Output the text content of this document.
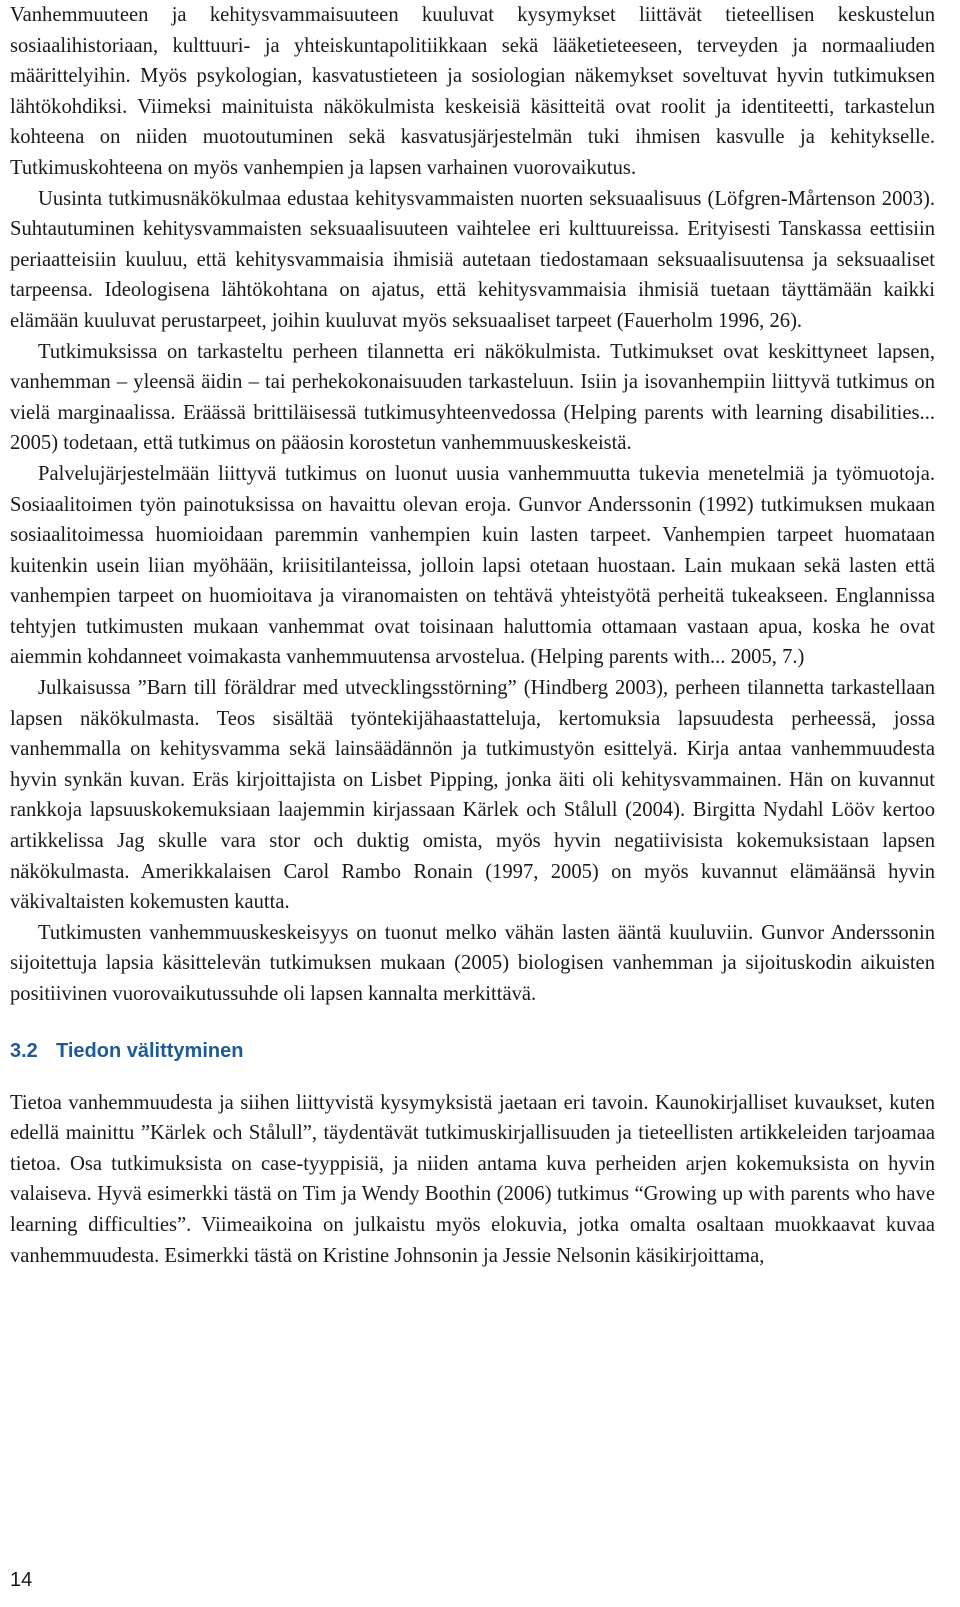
Vanhemmuuteen ja kehitysvammaisuuteen kuuluvat kysymykset liittävät tieteellisen keskustelun sosiaalihistoriaan, kulttuuri- ja yhteiskuntapolitiikkaan sekä lääketieteeseen, terveyden ja normaaliuden määrittelyihin. Myös psykologian, kasvatustieteen ja sosiologian näkemykset soveltuvat hyvin tutkimuksen lähtökohdiksi. Viimeksi mainituista näkökulmista keskeisiä käsitteitä ovat roolit ja identiteetti, tarkastelun kohteena on niiden muotoutuminen sekä kasvatusjärjestelmän tuki ihmisen kasvulle ja kehitykselle. Tutkimuskohteena on myös vanhempien ja lapsen varhainen vuorovaikutus.

Uusinta tutkimusnäkökulmaa edustaa kehitysvammaisten nuorten seksuaalisuus (Löfgren-Mårtenson 2003). Suhtautuminen kehitysvammaisten seksuaalisuuteen vaihtelee eri kulttuureissa. Erityisesti Tanskassa eettisiin periaatteisiin kuuluu, että kehitysvammaisia ihmisiä autetaan tiedostamaan seksuaalisuutensa ja seksuaaliset tarpeensa. Ideologisena lähtökohtana on ajatus, että kehitysvammaisia ihmisiä tuetaan täyttämään kaikki elämään kuuluvat perustarpeet, joihin kuuluvat myös seksuaaliset tarpeet (Fauerholm 1996, 26).

Tutkimuksissa on tarkasteltu perheen tilannetta eri näkökulmista. Tutkimukset ovat keskittyneet lapsen, vanhemman – yleensä äidin – tai perhekokonaisuuden tarkasteluun. Isiin ja isovanhempiin liittyvä tutkimus on vielä marginaalissa. Eräässä brittiläisessä tutkimusyhteenvedossa (Helping parents with learning disabilities... 2005) todetaan, että tutkimus on pääosin korostetun vanhemmuuskeskeistä.

Palvelujärjestelmään liittyvä tutkimus on luonut uusia vanhemmuutta tukevia menetelmiä ja työmuotoja. Sosiaalitoimen työn painotuksissa on havaittu olevan eroja. Gunvor Anderssonin (1992) tutkimuksen mukaan sosiaalitoimessa huomioidaan paremmin vanhempien kuin lasten tarpeet. Vanhempien tarpeet huomataan kuitenkin usein liian myöhään, kriisitilanteissa, jolloin lapsi otetaan huostaan. Lain mukaan sekä lasten että vanhempien tarpeet on huomioitava ja viranomaisten on tehtävä yhteistyötä perheitä tukeakseen. Englannissa tehtyjen tutkimusten mukaan vanhemmat ovat toisinaan haluttomia ottamaan vastaan apua, koska he ovat aiemmin kohdanneet voimakasta vanhemmuutensa arvostelua. (Helping parents with... 2005, 7.)

Julkaisussa ”Barn till föräldrar med utvecklingsstörning” (Hindberg 2003), perheen tilannetta tarkastellaan lapsen näkökulmasta. Teos sisältää työntekijähaastatteluja, kertomuksia lapsuudesta perheessä, jossa vanhemmalla on kehitysvamma sekä lainsäädännön ja tutkimustyön esittelyä. Kirja antaa vanhemmuudesta hyvin synkän kuvan. Eräs kirjoittajista on Lisbet Pipping, jonka äiti oli kehitysvammainen. Hän on kuvannut rankkoja lapsuuskokemuksiaan laajemmin kirjassaan Kärlek och Stålull (2004). Birgitta Nydahl Lööv kertoo artikkelissa Jag skulle vara stor och duktig omista, myös hyvin negatiivisista kokemuksistaan lapsen näkökulmasta. Amerikkalaisen Carol Rambo Ronain (1997, 2005) on myös kuvannut elämäänsä hyvin väkivaltaisten kokemusten kautta.

Tutkimusten vanhemmuuskeskeisyys on tuonut melko vähän lasten ääntä kuuluviin. Gunvor Anderssonin sijoitettuja lapsia käsittelevän tutkimuksen mukaan (2005) biologisen vanhemman ja sijoituskodin aikuisten positiivinen vuorovaikutussuhde oli lapsen kannalta merkittävä.

3.2 Tiedon välittyminen

Tietoa vanhemmuudesta ja siihen liittyvistä kysymyksistä jaetaan eri tavoin. Kaunokirjalliset kuvaukset, kuten edellä mainittu ”Kärlek och Stålull”, täydentävät tutkimuskirjallisuuden ja tieteellisten artikkeleiden tarjoamaa tietoa. Osa tutkimuksista on case-tyyppisiä, ja niiden antama kuva perheiden arjen kokemuksista on hyvin valaiseva. Hyvä esimerkki tästä on Tim ja Wendy Boothin (2006) tutkimus “Growing up with parents who have learning difficulties”. Viimeaikoina on julkaistu myös elokuvia, jotka omalta osaltaan muokkaavat kuvaa vanhemmuudesta. Esimerkki tästä on Kristine Johnsonin ja Jessie Nelsonin käsikirjoittama,

14
